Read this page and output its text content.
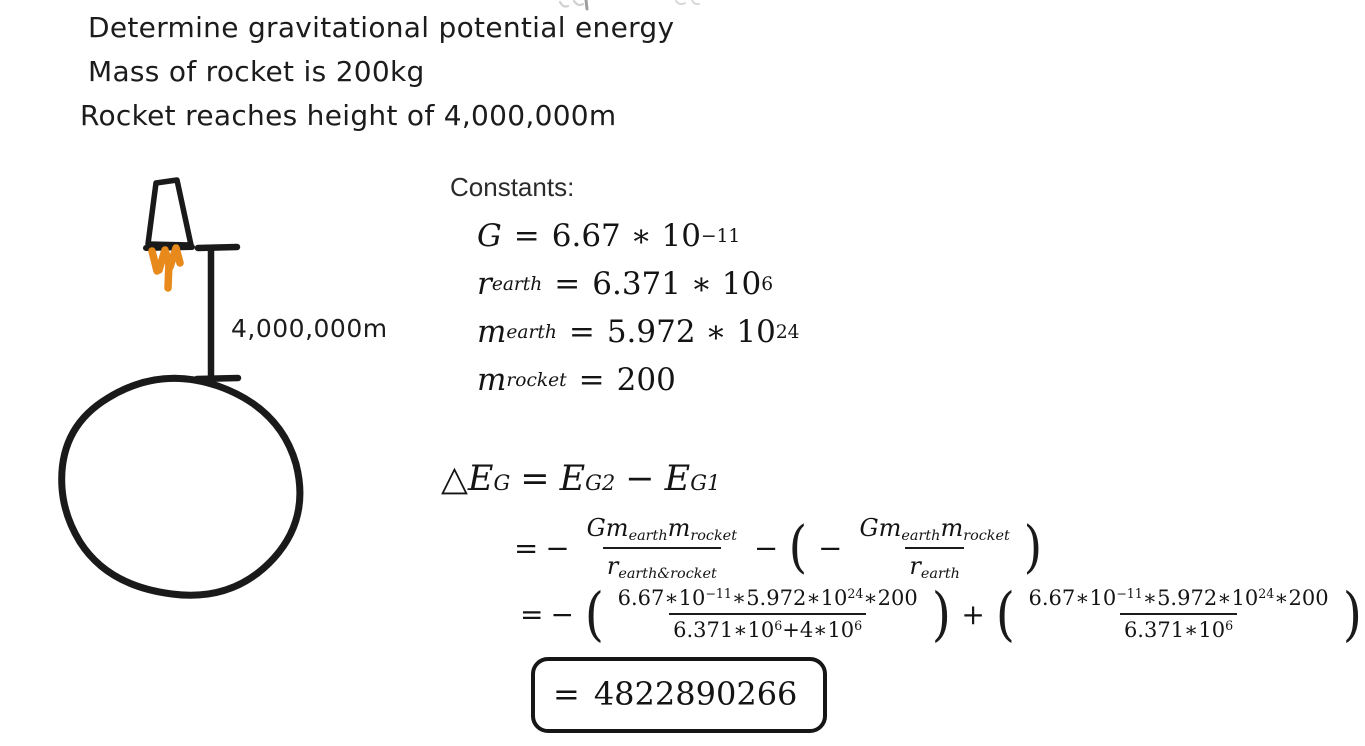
Determine gravitational potential energy
Mass of rocket is 200kg
Rocket reaches height of 4,000,000m
4,000,000m
Constants:
G = 6.67 ∗ 10 −11
r earth = 6.371 ∗ 10 6
m earth = 5.972 ∗ 10 24
m rocket = 200
△ E G = E G2 − E G1
= − $\frac{\text{Gmearthmrocket}}{\text{rearth\&rocket}}$ − ( − $\frac{\text{Gmearthmrocket}}{\text{rearth}}$ )
= − ( $\frac{6.67∗10^{-11}∗5.972∗10^{24}∗200}{6.371∗10^6+4∗10^6}$ ) + ( $\frac{6.67∗10^{-11}∗5.972∗10^{24}∗200}{6.371∗10^6}$ )
= 4822890266
